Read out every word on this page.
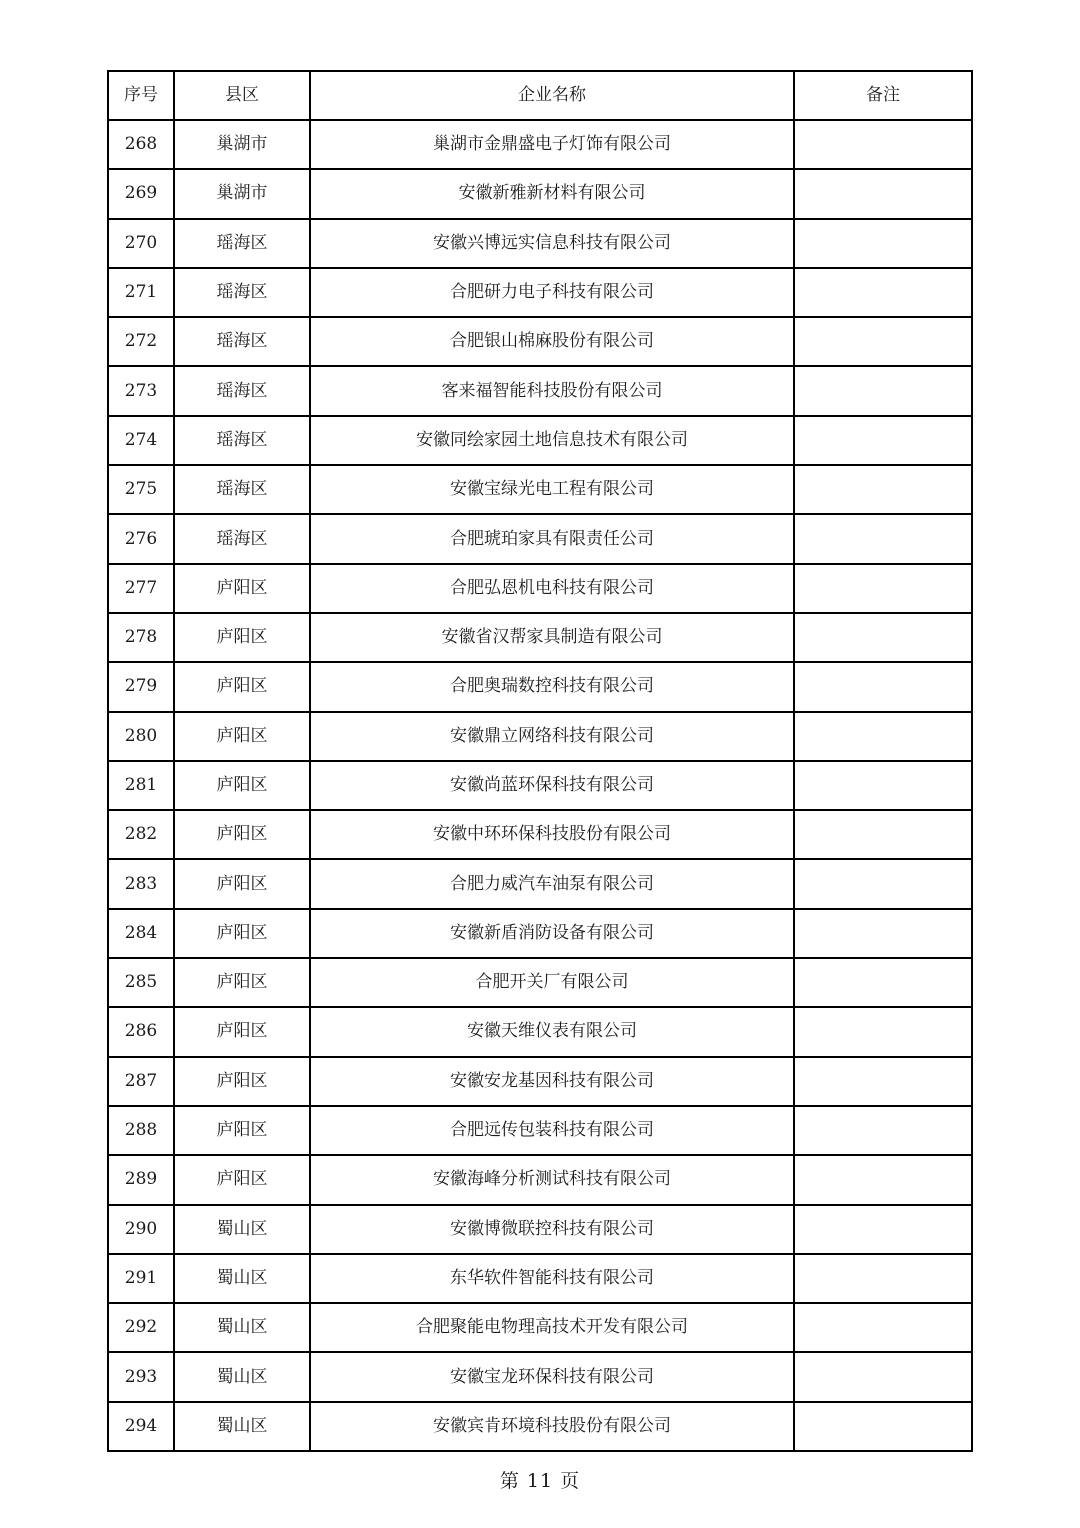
序号	县区	企业名称	备注
268	巢湖市	巢湖市金鼎盛电子灯饰有限公司	
269	巢湖市	安徽新雅新材料有限公司	
270	瑶海区	安徽兴博远实信息科技有限公司	
271	瑶海区	合肥研力电子科技有限公司	
272	瑶海区	合肥银山棉麻股份有限公司	
273	瑶海区	客来福智能科技股份有限公司	
274	瑶海区	安徽同绘家园土地信息技术有限公司	
275	瑶海区	安徽宝绿光电工程有限公司	
276	瑶海区	合肥琥珀家具有限责任公司	
277	庐阳区	合肥弘恩机电科技有限公司	
278	庐阳区	安徽省汉帮家具制造有限公司	
279	庐阳区	合肥奥瑞数控科技有限公司	
280	庐阳区	安徽鼎立网络科技有限公司	
281	庐阳区	安徽尚蓝环保科技有限公司	
282	庐阳区	安徽中环环保科技股份有限公司	
283	庐阳区	合肥力威汽车油泵有限公司	
284	庐阳区	安徽新盾消防设备有限公司	
285	庐阳区	合肥开关厂有限公司	
286	庐阳区	安徽天维仪表有限公司	
287	庐阳区	安徽安龙基因科技有限公司	
288	庐阳区	合肥远传包装科技有限公司	
289	庐阳区	安徽海峰分析测试科技有限公司	
290	蜀山区	安徽博微联控科技有限公司	
291	蜀山区	东华软件智能科技有限公司	
292	蜀山区	合肥聚能电物理高技术开发有限公司	
293	蜀山区	安徽宝龙环保科技有限公司	
294	蜀山区	安徽宾肯环境科技股份有限公司	
第 11 页
